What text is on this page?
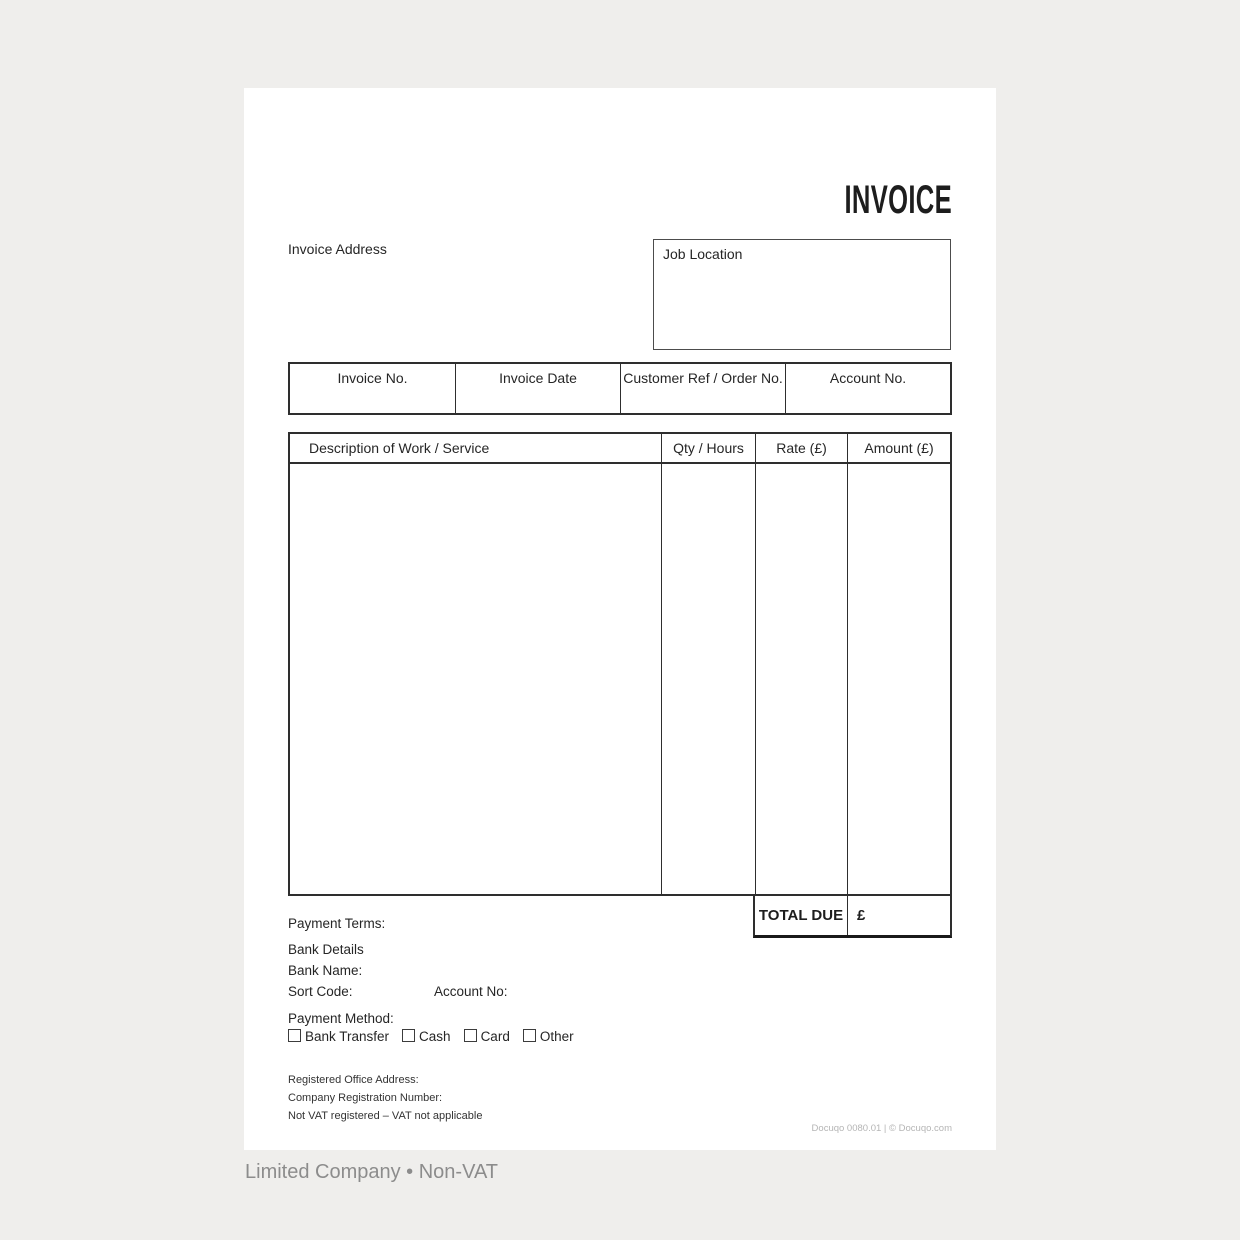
INVOICE
Invoice Address	Job Location
Invoice No.	Invoice Date	Customer Ref / Order No.	Account No.
Description of Work / Service	Qty / Hours	Rate (£)	Amount (£)
TOTAL DUE £
Payment Terms:
Bank Details
Bank Name:
Sort Code:	Account No:
Payment Method:
Bank Transfer Cash Card Other
Registered Office Address:
Company Registration Number:
Not VAT registered – VAT not applicable
Docuqo 0080.01 | © Docuqo.com
Limited Company • Non-VAT
